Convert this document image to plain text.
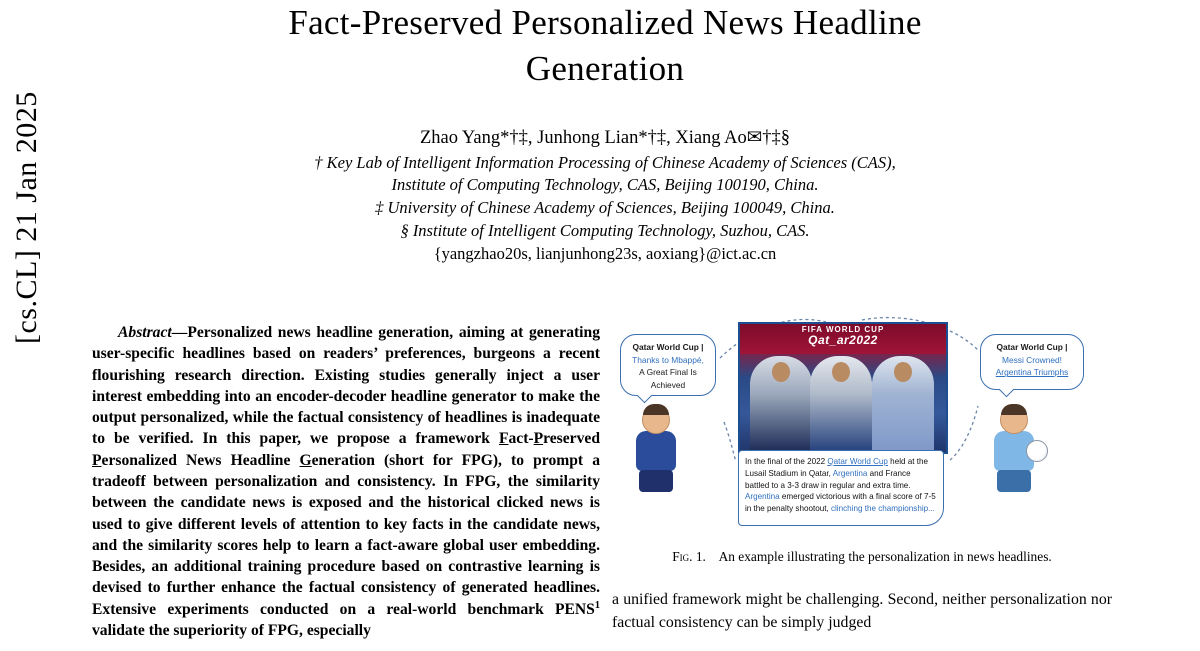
[cs.CL] 21 Jan 2025
Fact-Preserved Personalized News Headline
Generation
Zhao Yang*†‡, Junhong Lian*†‡, Xiang Ao✉†‡§
† Key Lab of Intelligent Information Processing of Chinese Academy of Sciences (CAS),
Institute of Computing Technology, CAS, Beijing 100190, China.
‡ University of Chinese Academy of Sciences, Beijing 100049, China.
§ Institute of Intelligent Computing Technology, Suzhou, CAS.
{yangzhao20s, lianjunhong23s, aoxiang}@ict.ac.cn

Abstract—Personalized news headline generation, aiming at generating user-specific headlines based on readers’ preferences, burgeons a recent flourishing research direction. Existing studies generally inject a user interest embedding into an encoder-decoder headline generator to make the output personalized, while the factual consistency of headlines is inadequate to be verified. In this paper, we propose a framework Fact-Preserved Personalized News Headline Generation (short for FPG), to prompt a tradeoff between personalization and consistency. In FPG, the similarity between the candidate news is exposed and the historical clicked news is used to give different levels of attention to key facts in the candidate news, and the similarity scores help to learn a fact-aware global user embedding. Besides, an additional training procedure based on contrastive learning is devised to further enhance the factual consistency of generated headlines. Extensive experiments conducted on a real-world benchmark PENS$^1$ validate the superiority of FPG, especially

Qatar World Cup |
Thanks to Mbappé,
A Great Final Is
Achieved
Qatar World Cup |
Messi Crowned!
Argentina Triumphs
FIFA WORLD CUP
Qat_ar2022
In the final of the 2022 Qatar World Cup held at the Lusail Stadium in Qatar, Argentina and France battled to a 3-3 draw in regular and extra time. Argentina emerged victorious with a final score of 7-5 in the penalty shootout, clinching the championship...
Fig. 1. An example illustrating the personalization in news headlines.

a unified framework might be challenging. Second, neither personalization nor factual consistency can be simply judged
